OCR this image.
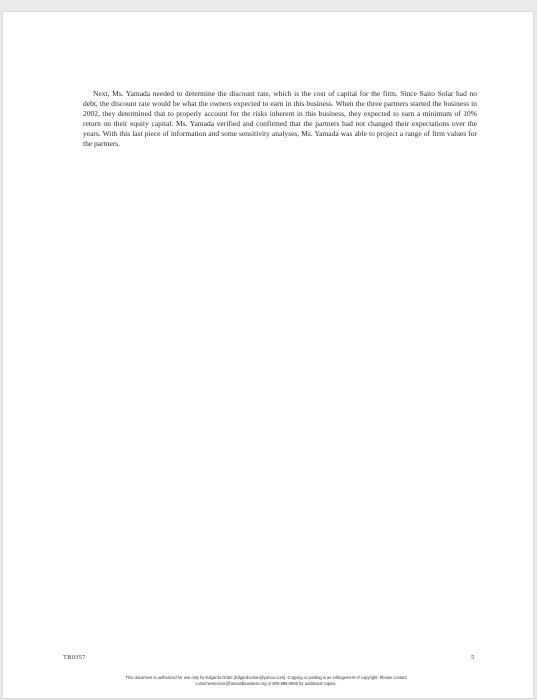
Next, Ms. Yamada needed to determine the discount rate, which is the cost of capital for the firm. Since Saito Solar had no debt, the discount rate would be what the owners expected to earn in this business. When the three partners started the business in 2002, they determined that to properly account for the risks inherent in this business, they expected to earn a minimum of 10% return on their equity capital. Ms. Yamada verified and confirmed that the partners had not changed their expectations over the years. With this last piece of information and some sensitivity analyses, Ms. Yamada was able to project a range of firm values for the partners.

TB0357	5
This document is authorized for use only by Edgardo Ortan (Edgardoortan@yahoo.com). Copying or posting is an infringement of copyright. Please contact
customerservice@harvardbusiness.org or 800-988-0886 for additional copies.
